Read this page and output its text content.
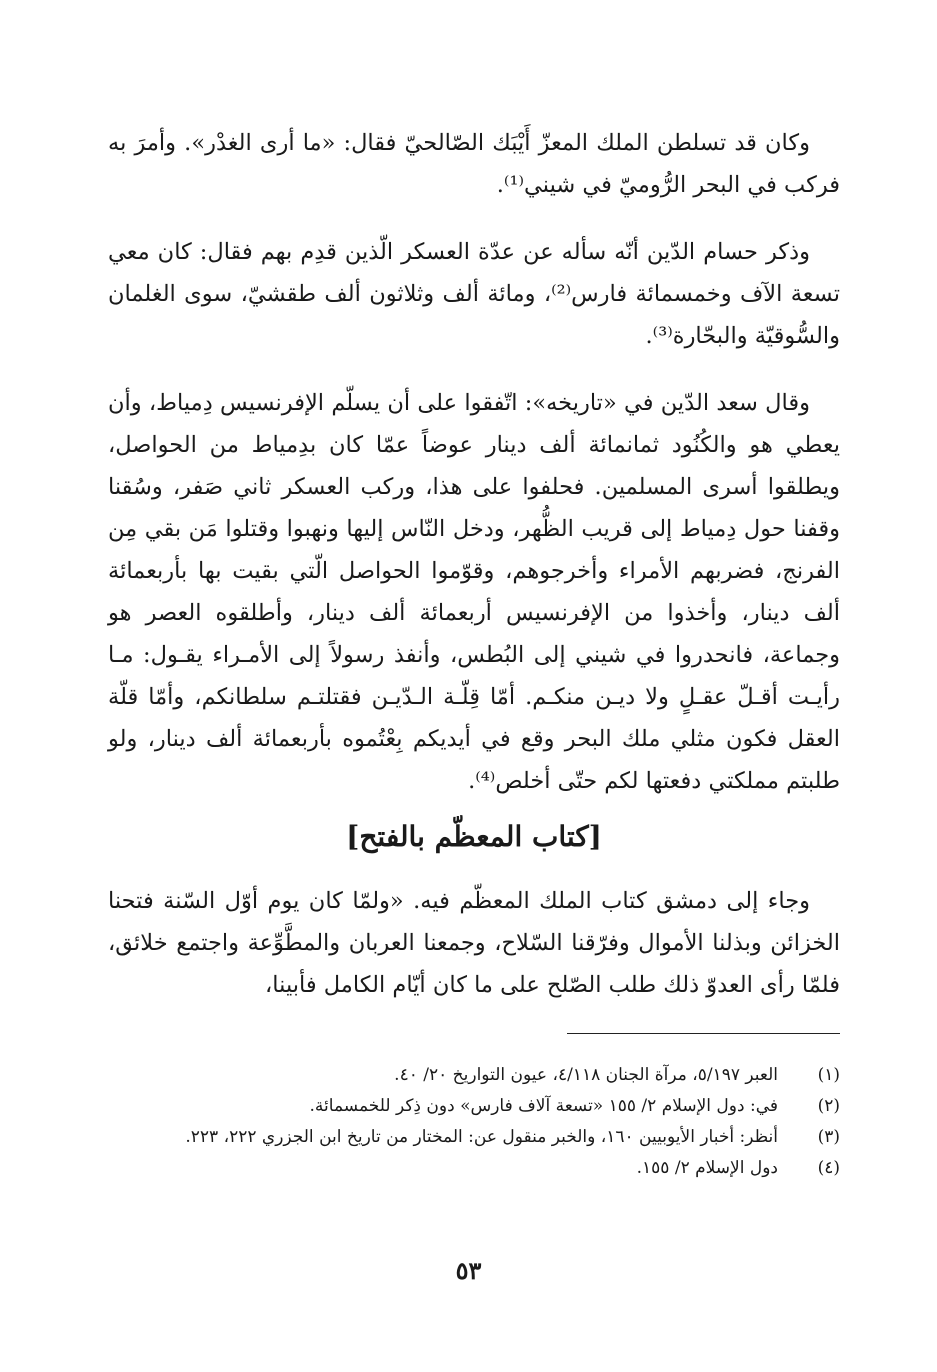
وكان قد تسلطن الملك المعزّ أَيْبَك الصّالحيّ فقال: «ما أرى الغدْر». وأمرَ به فركب في البحر الرُّوميّ في شيني⁽¹⁾.

وذكر حسام الدّين أنّه سأله عن عدّة العسكر الّذين قدِم بهم فقال: كان معي تسعة الآف وخمسمائة فارس⁽²⁾، ومائة ألف وثلاثون ألف طقشيّ، سوى الغلمان والسُّوقيّة والبحّارة⁽³⁾.

وقال سعد الدّين في «تاريخه»: اتّفقوا على أن يسلّم الإفرنسيس دِمياط، وأن يعطي هو والكُنُود ثمانمائة ألف دينار عوضاً عمّا كان بدِمياط من الحواصل، ويطلقوا أسرى المسلمين. فحلفوا على هذا، وركب العسكر ثاني صَفر، وسُقنا وقفنا حول دِمياط إلى قريب الظُّهر، ودخل النّاس إليها ونهبوا وقتلوا مَن بقي مِن الفرنج، فضربهم الأمراء وأخرجوهم، وقوّموا الحواصل الّتي بقيت بها بأربعمائة ألف دينار، وأخذوا من الإفرنسيس أربعمائة ألف دينار، وأطلقوه العصر هو وجماعة، فانحدروا في شيني إلى البُطس، وأنفذ رسولاً إلى الأمـراء يقـول: مـا رأيـت أقـلّ عقـلٍ ولا ديـن منكـم. أمّا قِلّـة الـدّيـن فقتلتـم سلطانكم، وأمّا قلّة العقل فكون مثلي ملك البحر وقع في أيديكم بِعْتُموه بأربعمائة ألف دينار، ولو طلبتم مملكتي دفعتها لكم حتّى أخلص⁽⁴⁾.

[كتاب المعظّم بالفتح]

وجاء إلى دمشق كتاب الملك المعظّم فيه. «ولمّا كان يوم أوّل السّنة فتحنا الخزائن وبذلنا الأموال وفرّقنا السّلاح، وجمعنا العربان والمطَّوِّعة واجتمع خلائق، فلمّا رأى العدوّ ذلك طلب الصّلح على ما كان أيّام الكامل فأبينا،

(١)
العبر ٥/١٩٧، مرآة الجنان ٤/١١٨، عيون التواريخ ٢٠/ ٤٠.
(٢)
في: دول الإسلام ٢/ ١٥٥ «تسعة آلاف فارس» دون ذِكر للخمسمائة.
(٣)
أنظر: أخبار الأيوبيين ١٦٠، والخبر منقول عن: المختار من تاريخ ابن الجزري ٢٢٢، ٢٢٣.
(٤)
دول الإسلام ٢/ ١٥٥.
٥٣
